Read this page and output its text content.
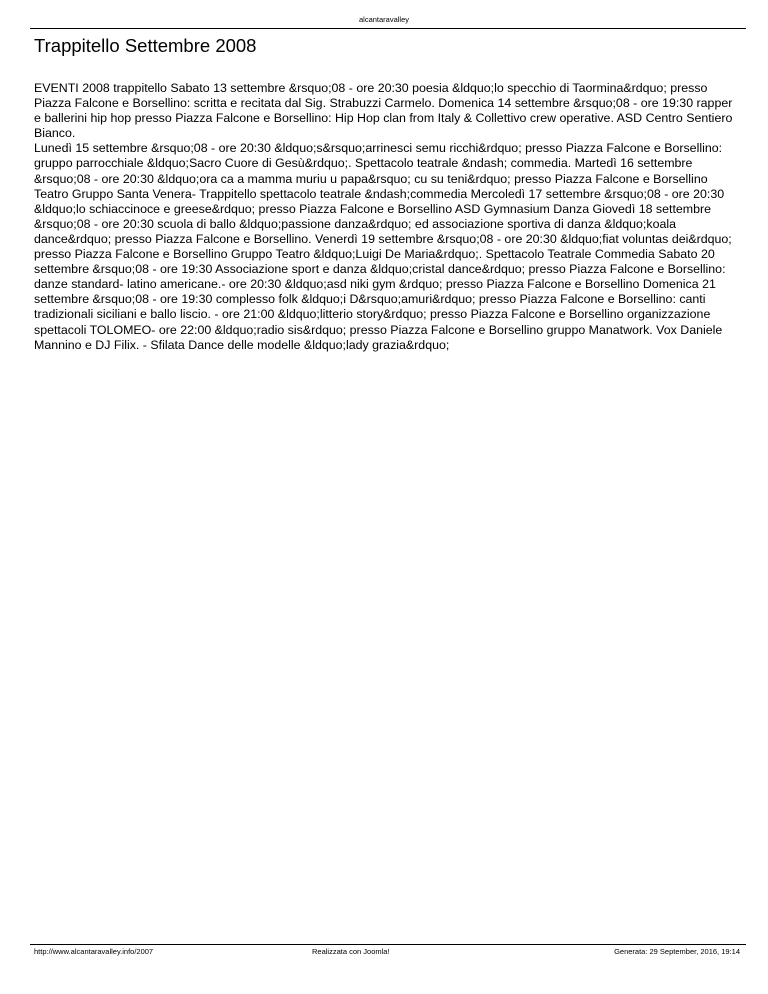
alcantaravalley
Trappitello Settembre 2008

EVENTI 2008 trappitello Sabato 13 settembre &rsquo;08 - ore 20:30 poesia &ldquo;lo specchio di Taormina&rdquo; presso Piazza Falcone e Borsellino: scritta e recitata dal Sig. Strabuzzi Carmelo. Domenica 14 settembre &rsquo;08 - ore 19:30 rapper e ballerini hip hop presso Piazza Falcone e Borsellino: Hip Hop clan from Italy & Collettivo crew operative. ASD Centro Sentiero Bianco.

Lunedì 15 settembre &rsquo;08 - ore 20:30 &ldquo;s&rsquo;arrinesci semu ricchi&rdquo; presso Piazza Falcone e Borsellino: gruppo parrocchiale &ldquo;Sacro Cuore di Gesù&rdquo;. Spettacolo teatrale &ndash; commedia. Martedì 16 settembre &rsquo;08 - ore 20:30 &ldquo;ora ca a mamma muriu u papa&rsquo; cu su teni&rdquo; presso Piazza Falcone e Borsellino Teatro Gruppo Santa Venera- Trappitello spettacolo teatrale &ndash;commedia Mercoledì 17 settembre &rsquo;08 - ore 20:30 &ldquo;lo schiaccinoce e greese&rdquo; presso Piazza Falcone e Borsellino ASD Gymnasium Danza Giovedì 18 settembre &rsquo;08 - ore 20:30 scuola di ballo &ldquo;passione danza&rdquo; ed associazione sportiva di danza &ldquo;koala dance&rdquo; presso Piazza Falcone e Borsellino. Venerdì 19 settembre &rsquo;08 - ore 20:30 &ldquo;fiat voluntas dei&rdquo; presso Piazza Falcone e Borsellino Gruppo Teatro &ldquo;Luigi De Maria&rdquo;. Spettacolo Teatrale Commedia Sabato 20 settembre &rsquo;08 - ore 19:30 Associazione sport e danza &ldquo;cristal dance&rdquo; presso Piazza Falcone e Borsellino: danze standard- latino americane.- ore 20:30 &ldquo;asd niki gym &rdquo; presso Piazza Falcone e Borsellino Domenica 21 settembre &rsquo;08 - ore 19:30 complesso folk &ldquo;i D&rsquo;amuri&rdquo; presso Piazza Falcone e Borsellino: canti tradizionali siciliani e ballo liscio. - ore 21:00 &ldquo;litterio story&rdquo; presso Piazza Falcone e Borsellino organizzazione spettacoli TOLOMEO- ore 22:00 &ldquo;radio sis&rdquo; presso Piazza Falcone e Borsellino gruppo Manatwork. Vox Daniele Mannino e DJ Filix. - Sfilata Dance delle modelle &ldquo;lady grazia&rdquo;

http://www.alcantaravalley.info/2007	Realizzata con Joomla!	Generata: 29 September, 2016, 19:14
